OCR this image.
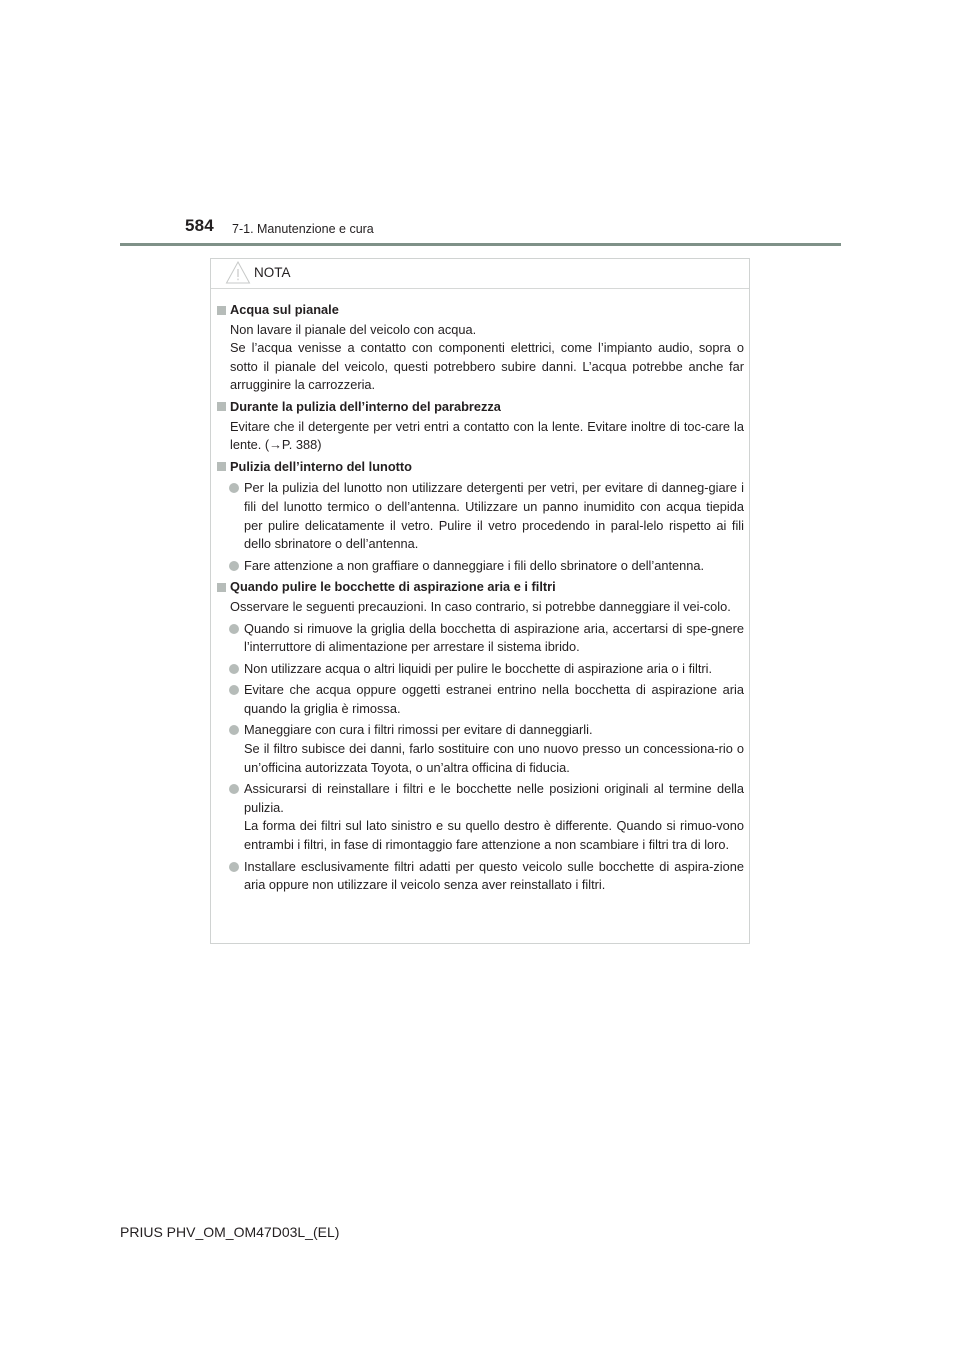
584 7-1. Manutenzione e cura
NOTA
Acqua sul pianale

Non lavare il pianale del veicolo con acqua.

Se l’acqua venisse a contatto con componenti elettrici, come l’impianto audio, sopra o sotto il pianale del veicolo, questi potrebbero subire danni. L’acqua potrebbe anche far arrugginire la carrozzeria.

Durante la pulizia dell’interno del parabrezza

Evitare che il detergente per vetri entri a contatto con la lente. Evitare inoltre di toc-care la lente. (→P. 388)

Pulizia dell’interno del lunotto

Per la pulizia del lunotto non utilizzare detergenti per vetri, per evitare di danneg-giare i fili del lunotto termico o dell’antenna. Utilizzare un panno inumidito con acqua tiepida per pulire delicatamente il vetro. Pulire il vetro procedendo in paral-lelo rispetto ai fili dello sbrinatore o dell’antenna.

Fare attenzione a non graffiare o danneggiare i fili dello sbrinatore o dell’antenna.

Quando pulire le bocchette di aspirazione aria e i filtri

Osservare le seguenti precauzioni. In caso contrario, si potrebbe danneggiare il vei-colo.

Quando si rimuove la griglia della bocchetta di aspirazione aria, accertarsi di spe-gnere l’interruttore di alimentazione per arrestare il sistema ibrido.

Non utilizzare acqua o altri liquidi per pulire le bocchette di aspirazione aria o i filtri.

Evitare che acqua oppure oggetti estranei entrino nella bocchetta di aspirazione aria quando la griglia è rimossa.

Maneggiare con cura i filtri rimossi per evitare di danneggiarli.

Se il filtro subisce dei danni, farlo sostituire con uno nuovo presso un concessiona-rio o un’officina autorizzata Toyota, o un’altra officina di fiducia.

Assicurarsi di reinstallare i filtri e le bocchette nelle posizioni originali al termine della pulizia.

La forma dei filtri sul lato sinistro e su quello destro è differente. Quando si rimuo-vono entrambi i filtri, in fase di rimontaggio fare attenzione a non scambiare i filtri tra di loro.

Installare esclusivamente filtri adatti per questo veicolo sulle bocchette di aspira-zione aria oppure non utilizzare il veicolo senza aver reinstallato i filtri.

PRIUS PHV_OM_OM47D03L_(EL)
